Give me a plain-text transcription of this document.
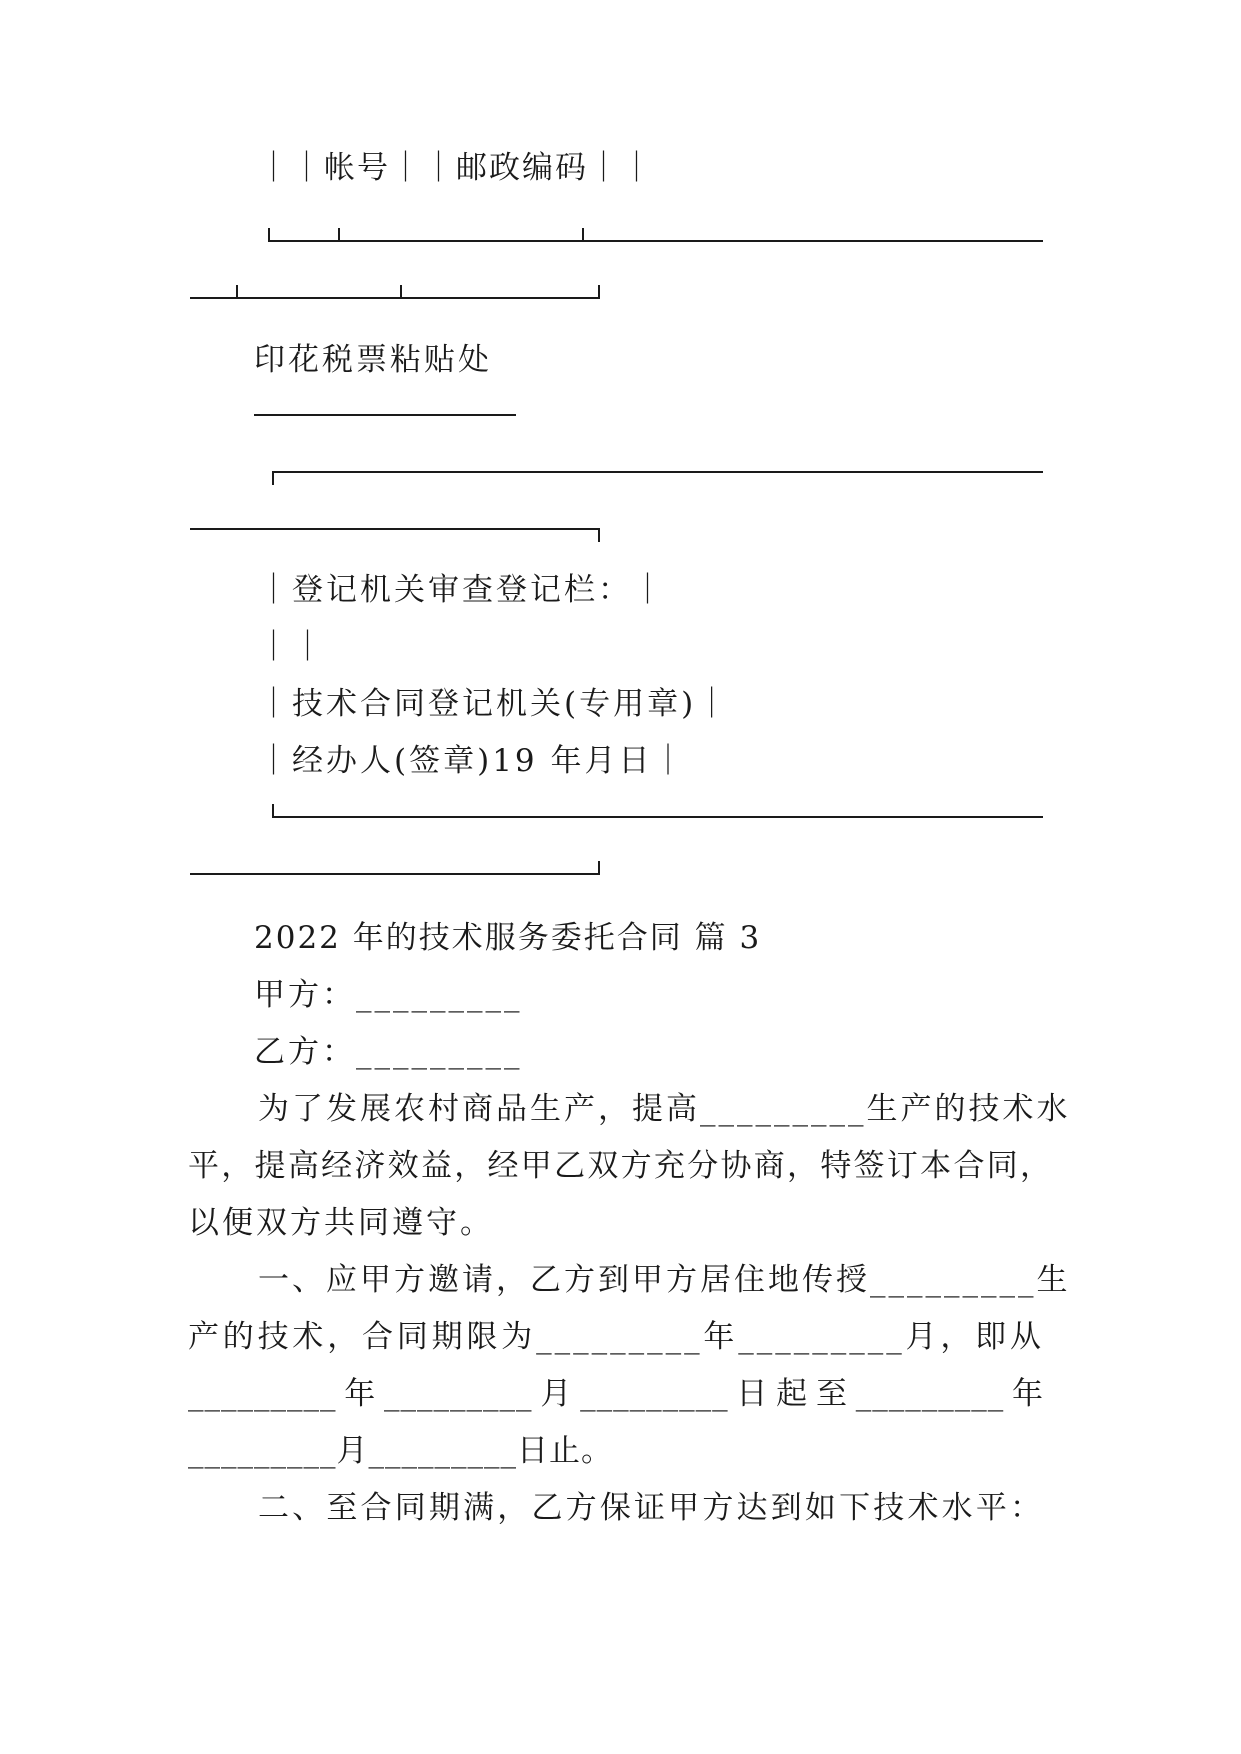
｜｜帐号｜｜邮政编码｜｜
印花税票粘贴处
｜登记机关审查登记栏：｜
｜｜
｜技术合同登记机关(专用章)｜
｜经办人(签章)19 年月日｜
2022 年的技术服务委托合同 篇 3
甲方：_________
乙方：_________
为了发展农村商品生产，提高_________生产的技术水
平，提高经济效益，经甲乙双方充分协商，特签订本合同，
以便双方共同遵守。
一、应甲方邀请，乙方到甲方居住地传授_________生
产的技术，合同期限为_________年_________月，即从
_________年_________月_________日起至_________年
_________月_________日止。
二、至合同期满，乙方保证甲方达到如下技术水平：
